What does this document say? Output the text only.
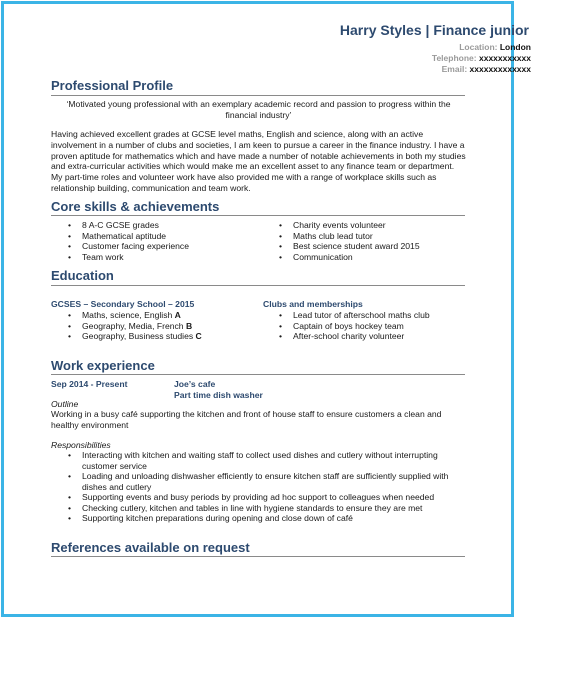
Harry Styles | Finance junior
Location: London
Telephone: xxxxxxxxxxx
Email: xxxxxxxxxxxxx
Professional Profile
‘Motivated young professional with an exemplary academic record and passion to progress within the
financial industry’
Having achieved excellent grades at GCSE level maths, English and science, along with an active involvement in a number of clubs and societies, I am keen to pursue a career in the finance industry. I have a proven aptitude for mathematics which and have made a number of notable achievements in both my studies and extra-curricular activities which would make me an excellent asset to any finance team or department. My part-time roles and volunteer work have also provided me with a range of workplace skills such as relationship building, communication and team work.
Core skills & achievements
• 8 A-C GCSE grades
• Mathematical aptitude
• Customer facing experience
• Team work
• Charity events volunteer
• Maths club lead tutor
• Best science student award 2015
• Communication
Education
GCSES – Secondary School – 2015
• Maths, science, English A
• Geography, Media, French B
• Geography, Business studies C
Clubs and memberships
• Lead tutor of afterschool maths club
• Captain of boys hockey team
• After-school charity volunteer
Work experience
Sep 2014 - Present	Joe’s cafe
Part time dish washer
Outline
Working in a busy café supporting the kitchen and front of house staff to ensure customers a clean and healthy environment
Responsibilities
• Interacting with kitchen and waiting staff to collect used dishes and cutlery without interrupting customer service
• Loading and unloading dishwasher efficiently to ensure kitchen staff are sufficiently supplied with dishes and cutlery
• Supporting events and busy periods by providing ad hoc support to colleagues when needed
• Checking cutlery, kitchen and tables in line with hygiene standards to ensure they are met
• Supporting kitchen preparations during opening and close down of café
References available on request
